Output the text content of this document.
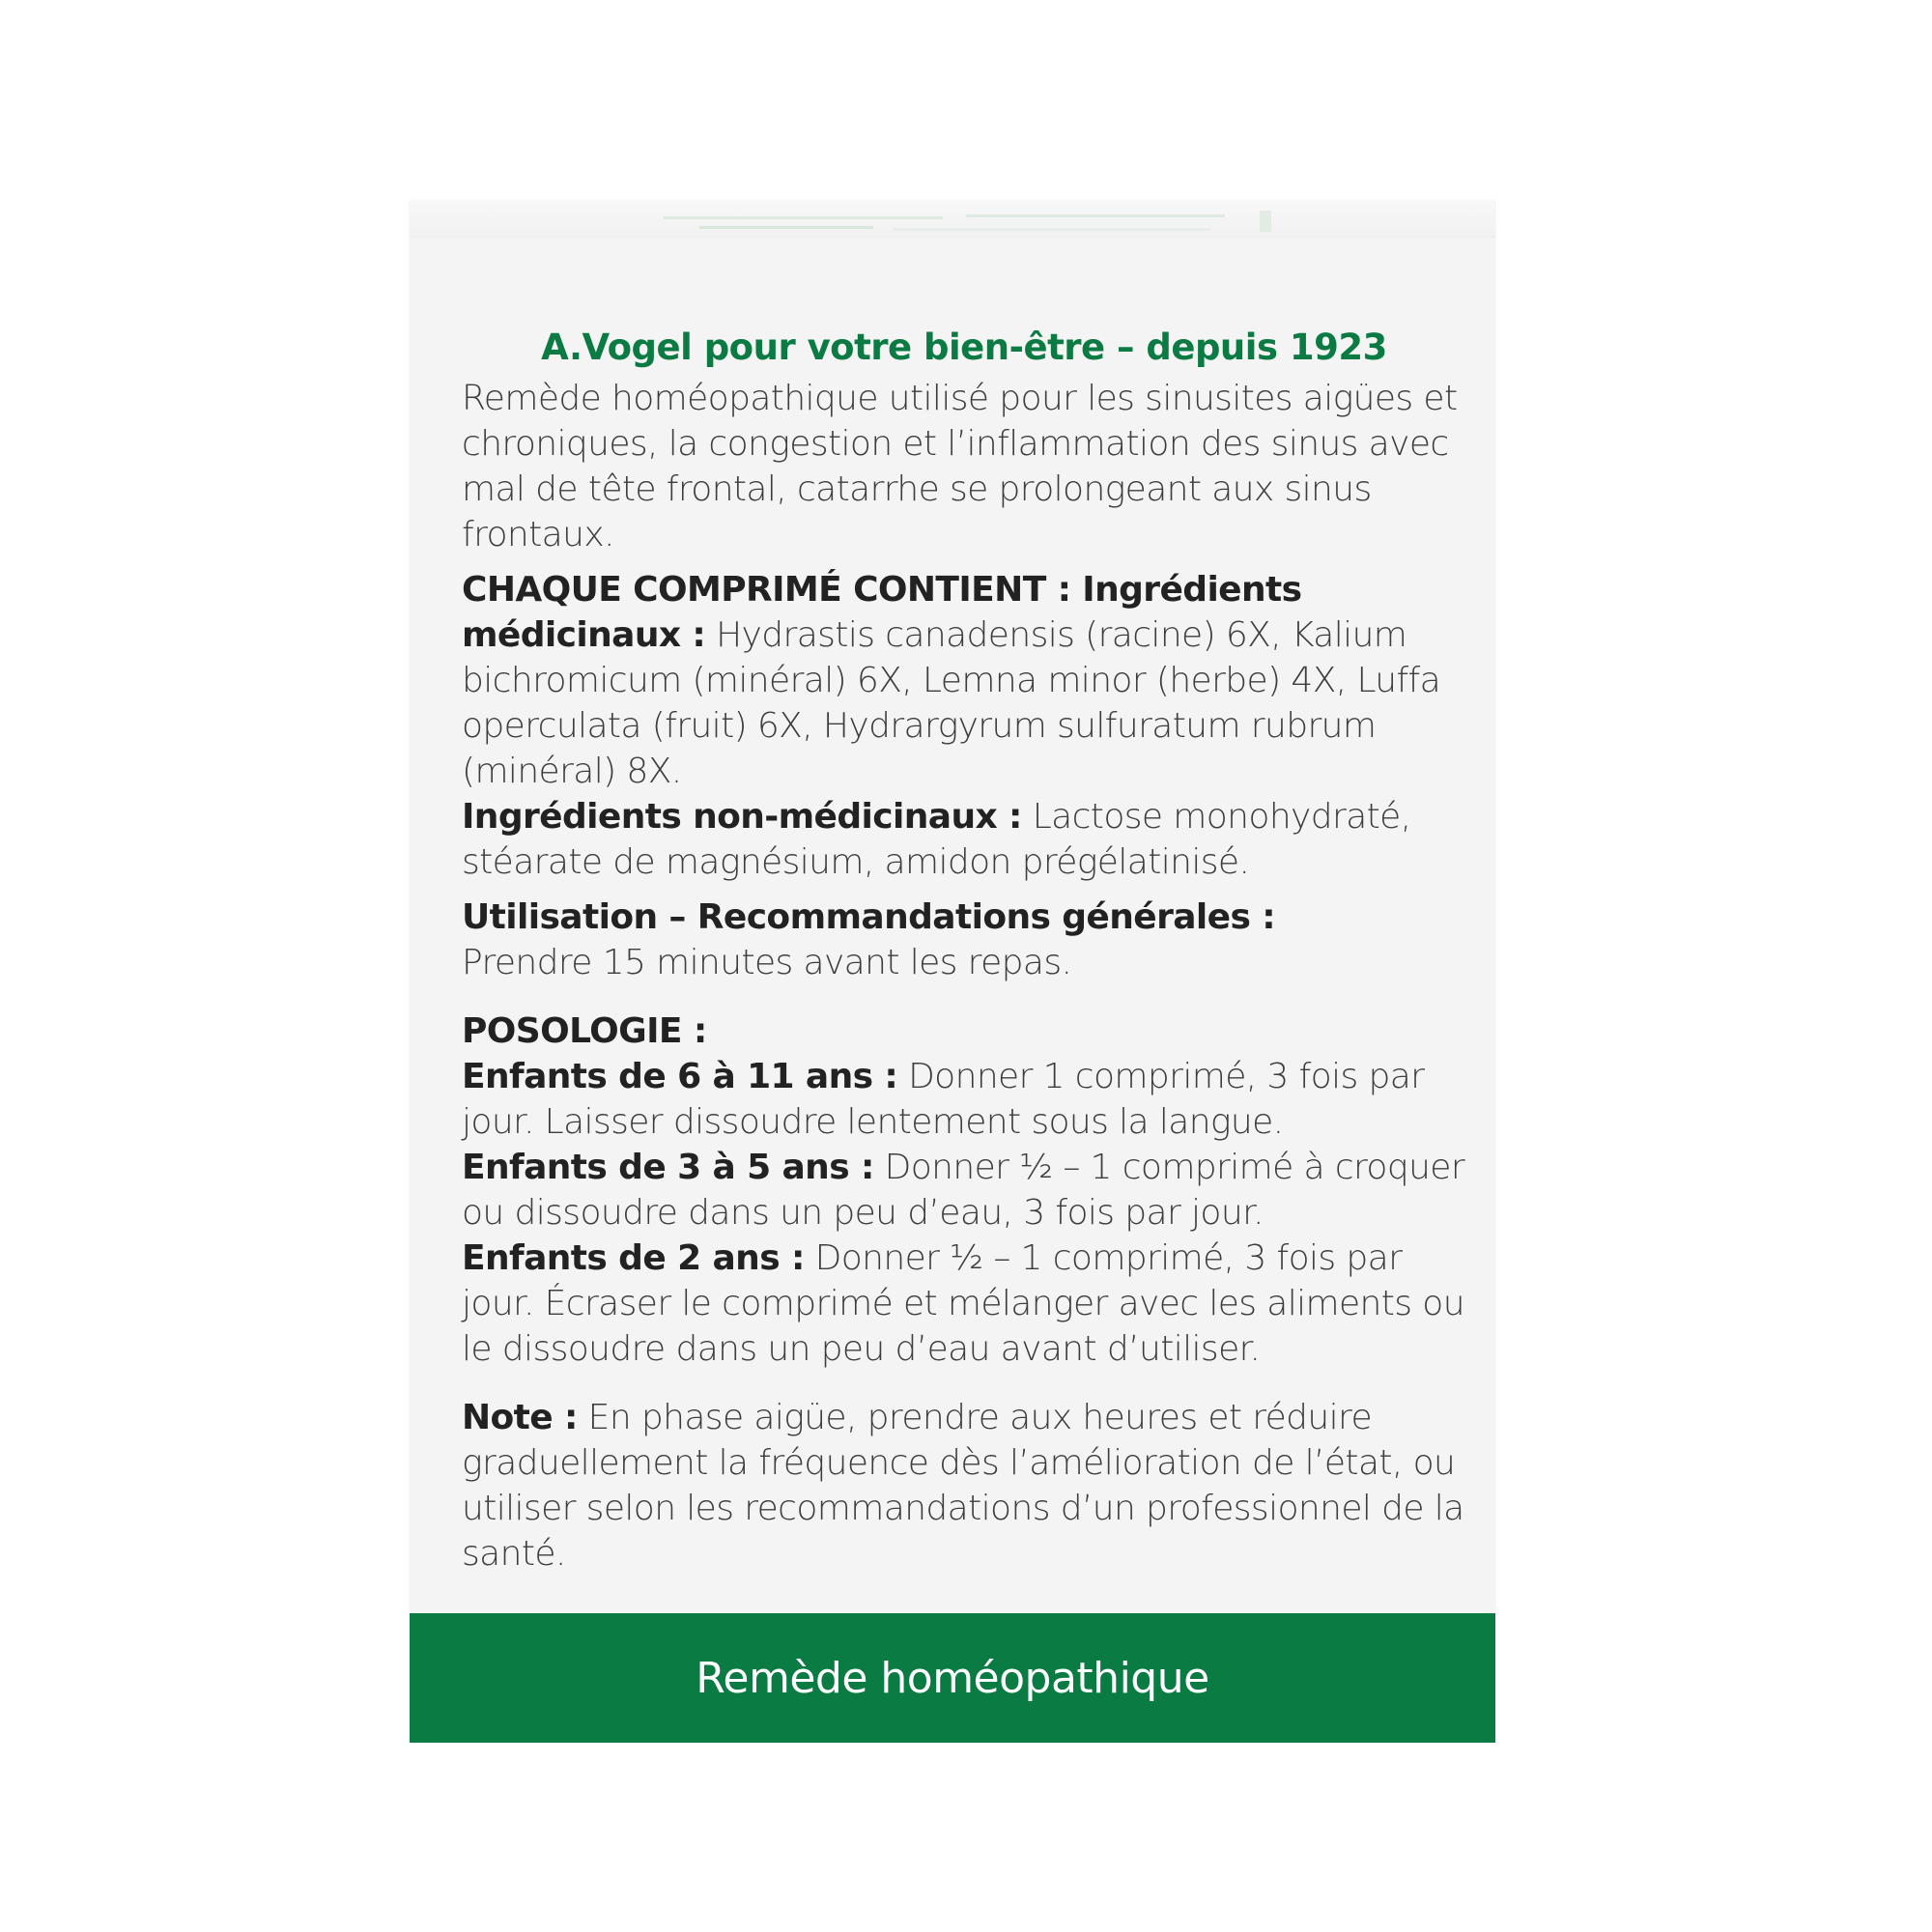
A.Vogel pour votre bien-être – depuis 1923

Remède homéopathique utilisé pour les sinusites aigües et chroniques, la congestion et l’inflammation des sinus avec mal de tête frontal, catarrhe se prolongeant aux sinus frontaux.

CHAQUE COMPRIMÉ CONTIENT : Ingrédients médicinaux : Hydrastis canadensis (racine) 6X, Kalium bichromicum (minéral) 6X, Lemna minor (herbe) 4X, Luffa operculata (fruit) 6X, Hydrargyrum sulfuratum rubrum (minéral) 8X.

Ingrédients non-médicinaux : Lactose monohydraté, stéarate de magnésium, amidon prégélatinisé.

Utilisation – Recommandations générales :
Prendre 15 minutes avant les repas.

POSOLOGIE :
Enfants de 6 à 11 ans : Donner 1 comprimé, 3 fois par jour. Laisser dissoudre lentement sous la langue.
Enfants de 3 à 5 ans : Donner ½ – 1 comprimé à croquer ou dissoudre dans un peu d’eau, 3 fois par jour.
Enfants de 2 ans : Donner ½ – 1 comprimé, 3 fois par jour. Écraser le comprimé et mélanger avec les aliments ou le dissoudre dans un peu d’eau avant d’utiliser.

Note : En phase aigüe, prendre aux heures et réduire graduellement la fréquence dès l’amélioration de l’état, ou utiliser selon les recommandations d’un professionnel de la santé.

Remède homéopathique
